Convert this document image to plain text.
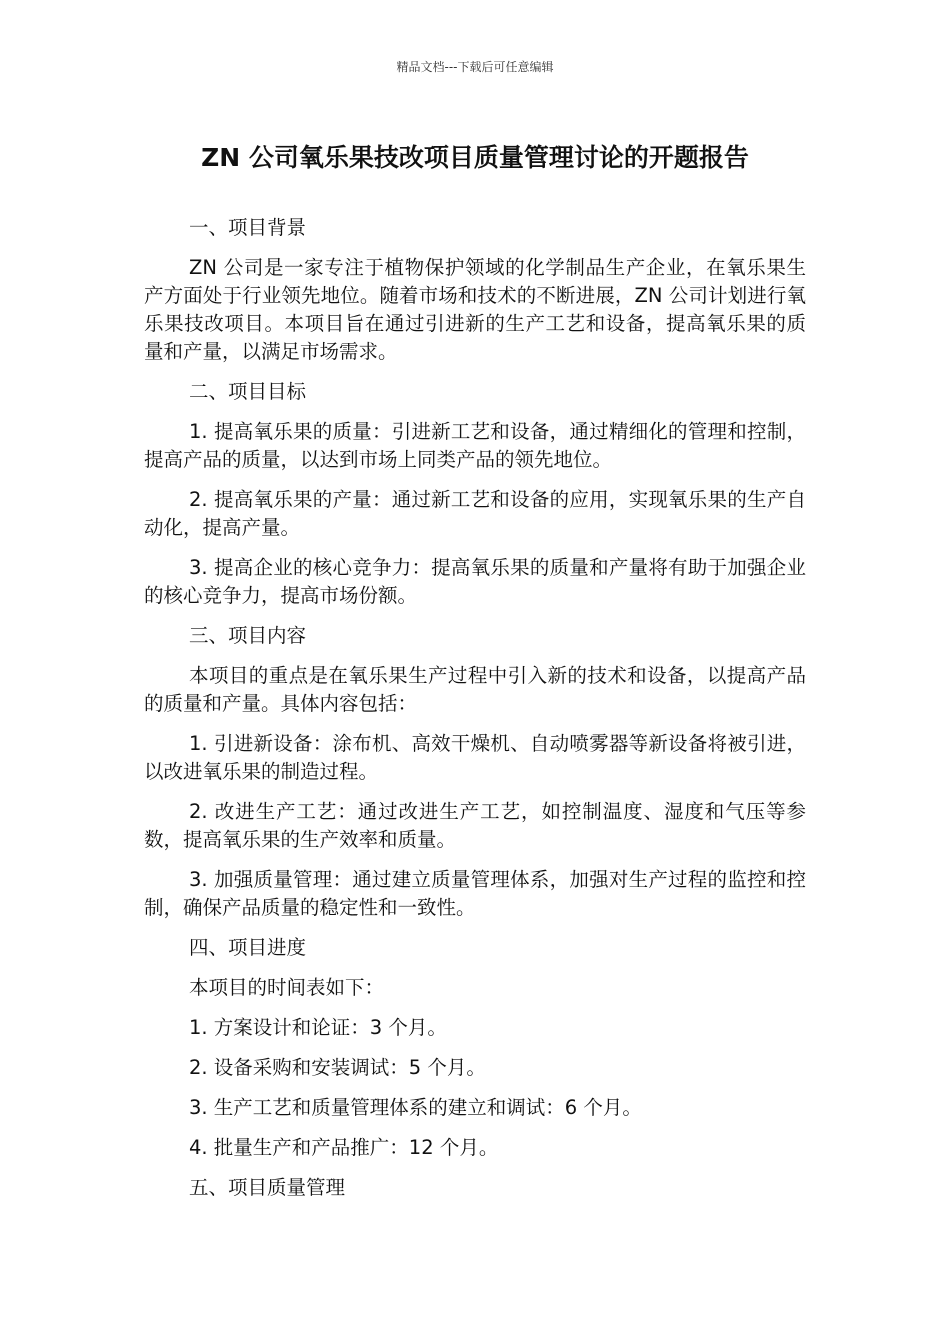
精品文档---下载后可任意编辑
ZN 公司氧乐果技改项目质量管理讨论的开题报告

一、项目背景

ZN 公司是一家专注于植物保护领域的化学制品生产企业，在氧乐果生产方面处于行业领先地位。随着市场和技术的不断进展，ZN 公司计划进行氧乐果技改项目。本项目旨在通过引进新的生产工艺和设备，提高氧乐果的质量和产量，以满足市场需求。

二、项目目标

1. 提高氧乐果的质量：引进新工艺和设备，通过精细化的管理和控制，提高产品的质量，以达到市场上同类产品的领先地位。

2. 提高氧乐果的产量：通过新工艺和设备的应用，实现氧乐果的生产自动化，提高产量。

3. 提高企业的核心竞争力：提高氧乐果的质量和产量将有助于加强企业的核心竞争力，提高市场份额。

三、项目内容

本项目的重点是在氧乐果生产过程中引入新的技术和设备，以提高产品的质量和产量。具体内容包括：

1. 引进新设备：涂布机、高效干燥机、自动喷雾器等新设备将被引进，以改进氧乐果的制造过程。

2. 改进生产工艺：通过改进生产工艺，如控制温度、湿度和气压等参数，提高氧乐果的生产效率和质量。

3. 加强质量管理：通过建立质量管理体系，加强对生产过程的监控和控制，确保产品质量的稳定性和一致性。

四、项目进度

本项目的时间表如下：

1. 方案设计和论证：3 个月。

2. 设备采购和安装调试：5 个月。

3. 生产工艺和质量管理体系的建立和调试：6 个月。

4. 批量生产和产品推广：12 个月。

五、项目质量管理
